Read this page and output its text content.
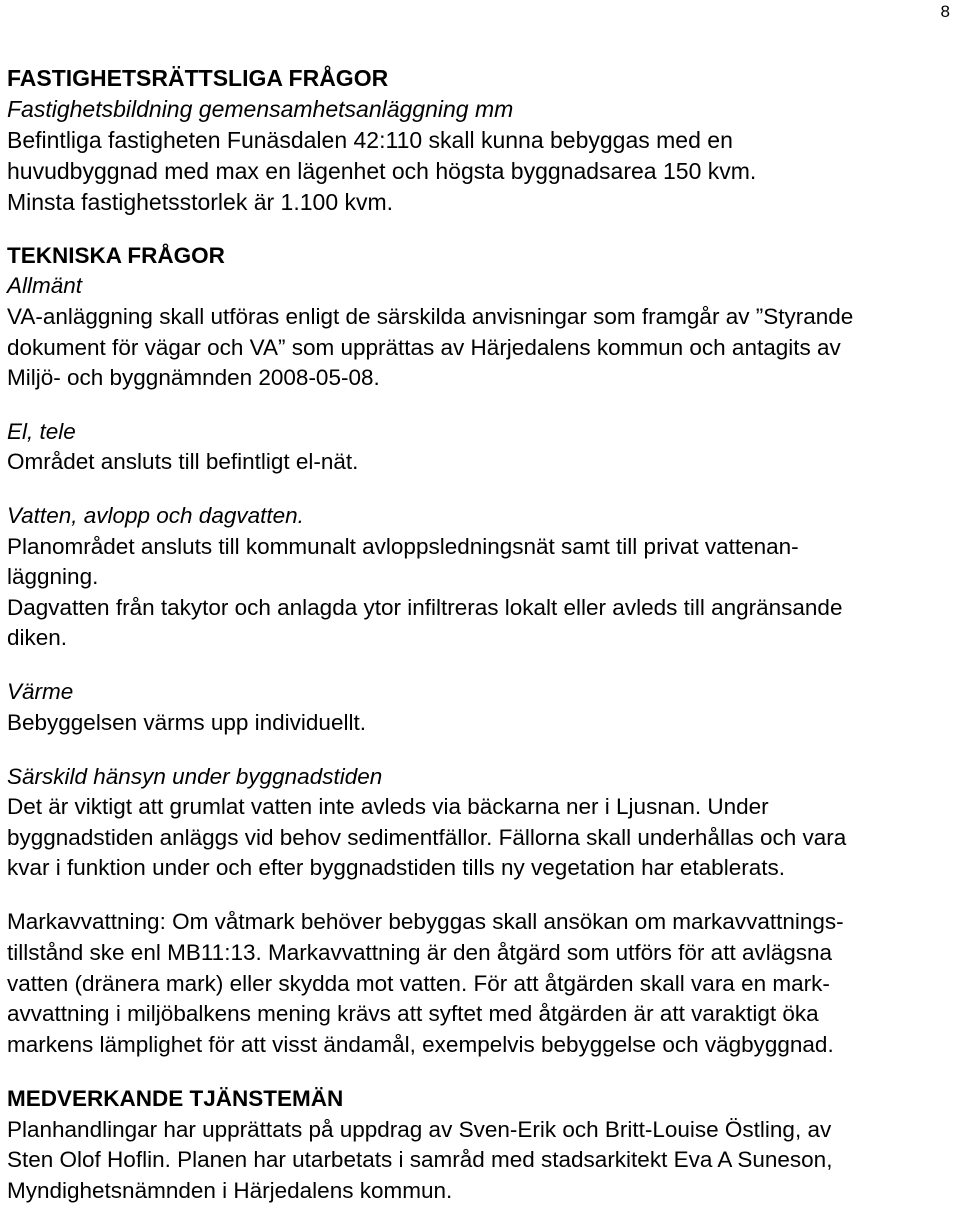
8

FASTIGHETSRÄTTSLIGA FRÅGOR

Fastighetsbildning gemensamhetsanläggning mm

Befintliga fastigheten Funäsdalen 42:110 skall kunna bebyggas med en

huvudbyggnad med max en lägenhet och högsta byggnadsarea 150 kvm.

Minsta fastighetsstorlek är 1.100 kvm.

TEKNISKA FRÅGOR

Allmänt

VA-anläggning skall utföras enligt de särskilda anvisningar som framgår av ”Styrande

dokument för vägar och VA” som upprättas av Härjedalens kommun och antagits av

Miljö- och byggnämnden 2008-05-08.

El, tele

Området ansluts till befintligt el-nät.

Vatten, avlopp och dagvatten.

Planområdet ansluts till kommunalt avloppsledningsnät samt till privat vattenan-

läggning.

Dagvatten från takytor och anlagda ytor infiltreras lokalt eller avleds till angränsande

diken.

Värme

Bebyggelsen värms upp individuellt.

Särskild hänsyn under byggnadstiden

Det är viktigt att grumlat vatten inte avleds via bäckarna ner i Ljusnan. Under

byggnadstiden anläggs vid behov sedimentfällor. Fällorna skall underhållas och vara

kvar i funktion under och efter byggnadstiden tills ny vegetation har etablerats.

Markavvattning: Om våtmark behöver bebyggas skall ansökan om markavvattnings-

tillstånd ske enl MB11:13. Markavvattning är den åtgärd som utförs för att avlägsna

vatten (dränera mark) eller skydda mot vatten. För att åtgärden skall vara en mark-

avvattning i miljöbalkens mening krävs att syftet med åtgärden är att varaktigt öka

markens lämplighet för att visst ändamål, exempelvis bebyggelse och vägbyggnad.

MEDVERKANDE TJÄNSTEMÄN

Planhandlingar har upprättats på uppdrag av Sven-Erik och Britt-Louise Östling, av

Sten Olof Hoflin. Planen har utarbetats i samråd med stadsarkitekt Eva A Suneson,

Myndighetsnämnden i Härjedalens kommun.
